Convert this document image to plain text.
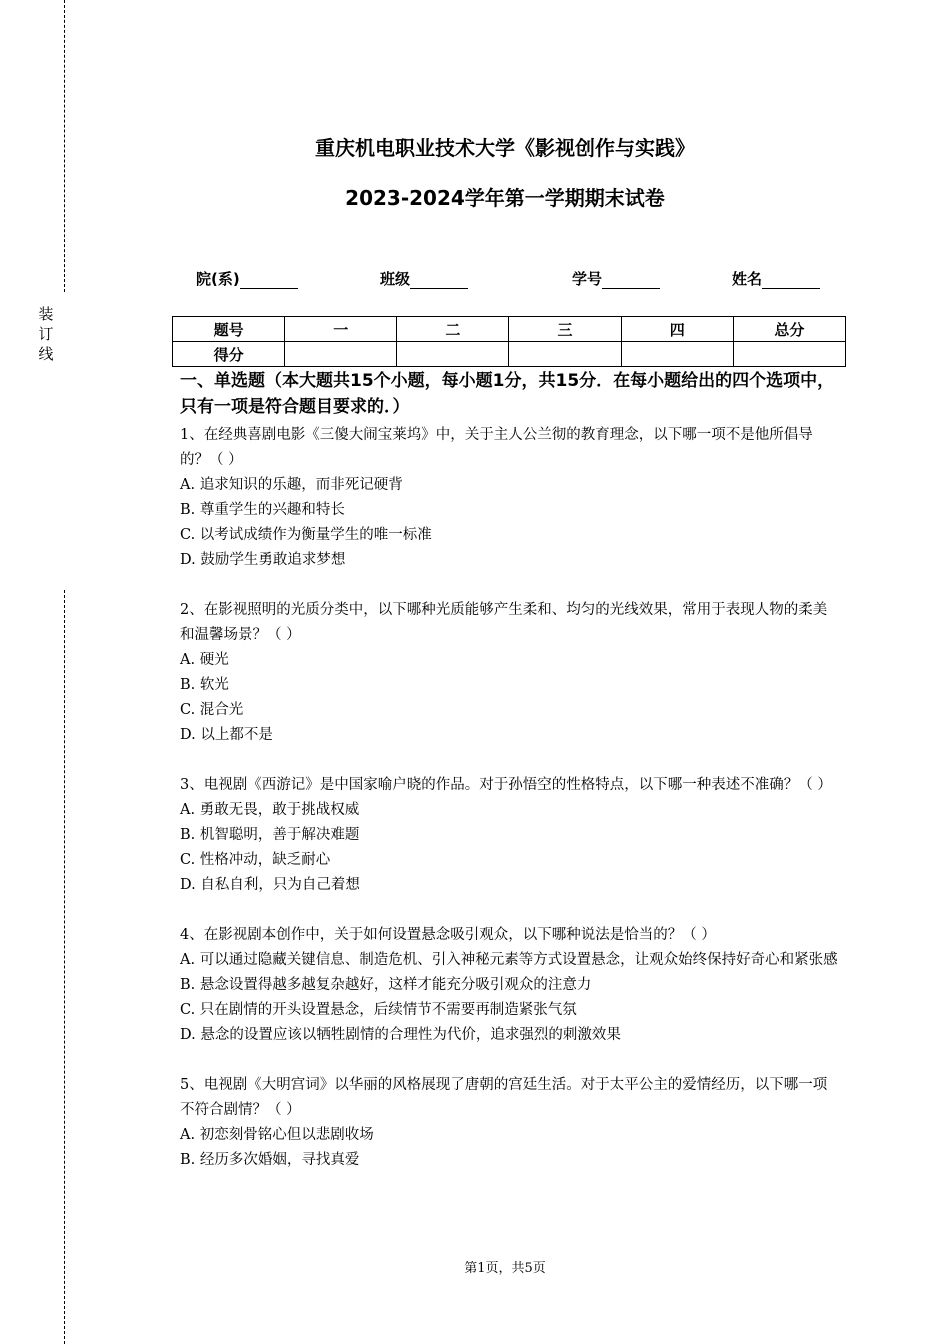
装
订
线
重庆机电职业技术大学《影视创作与实践》
2023-2024学年第一学期期末试卷
院(系)	班级	学号	姓名
题号	一	二	三	四	总分
得分					

一、单选题（本大题共15个小题，每小题1分，共15分．在每小题给出的四个选项中，只有一项是符合题目要求的．）

1、在经典喜剧电影《三傻大闹宝莱坞》中，关于主人公兰彻的教育理念，以下哪一项不是他所倡导的？（ ）

A. 追求知识的乐趣，而非死记硬背

B. 尊重学生的兴趣和特长

C. 以考试成绩作为衡量学生的唯一标准

D. 鼓励学生勇敢追求梦想

2、在影视照明的光质分类中，以下哪种光质能够产生柔和、均匀的光线效果，常用于表现人物的柔美和温馨场景？（ ）

A. 硬光

B. 软光

C. 混合光

D. 以上都不是

3、电视剧《西游记》是中国家喻户晓的作品。对于孙悟空的性格特点，以下哪一种表述不准确？（ ）

A. 勇敢无畏，敢于挑战权威

B. 机智聪明，善于解决难题

C. 性格冲动，缺乏耐心

D. 自私自利，只为自己着想

4、在影视剧本创作中，关于如何设置悬念吸引观众，以下哪种说法是恰当的？（ ）

A. 可以通过隐藏关键信息、制造危机、引入神秘元素等方式设置悬念，让观众始终保持好奇心和紧张感

B. 悬念设置得越多越复杂越好，这样才能充分吸引观众的注意力

C. 只在剧情的开头设置悬念，后续情节不需要再制造紧张气氛

D. 悬念的设置应该以牺牲剧情的合理性为代价，追求强烈的刺激效果

5、电视剧《大明宫词》以华丽的风格展现了唐朝的宫廷生活。对于太平公主的爱情经历，以下哪一项不符合剧情？（ ）

A. 初恋刻骨铭心但以悲剧收场

B. 经历多次婚姻，寻找真爱

第1页，共5页
